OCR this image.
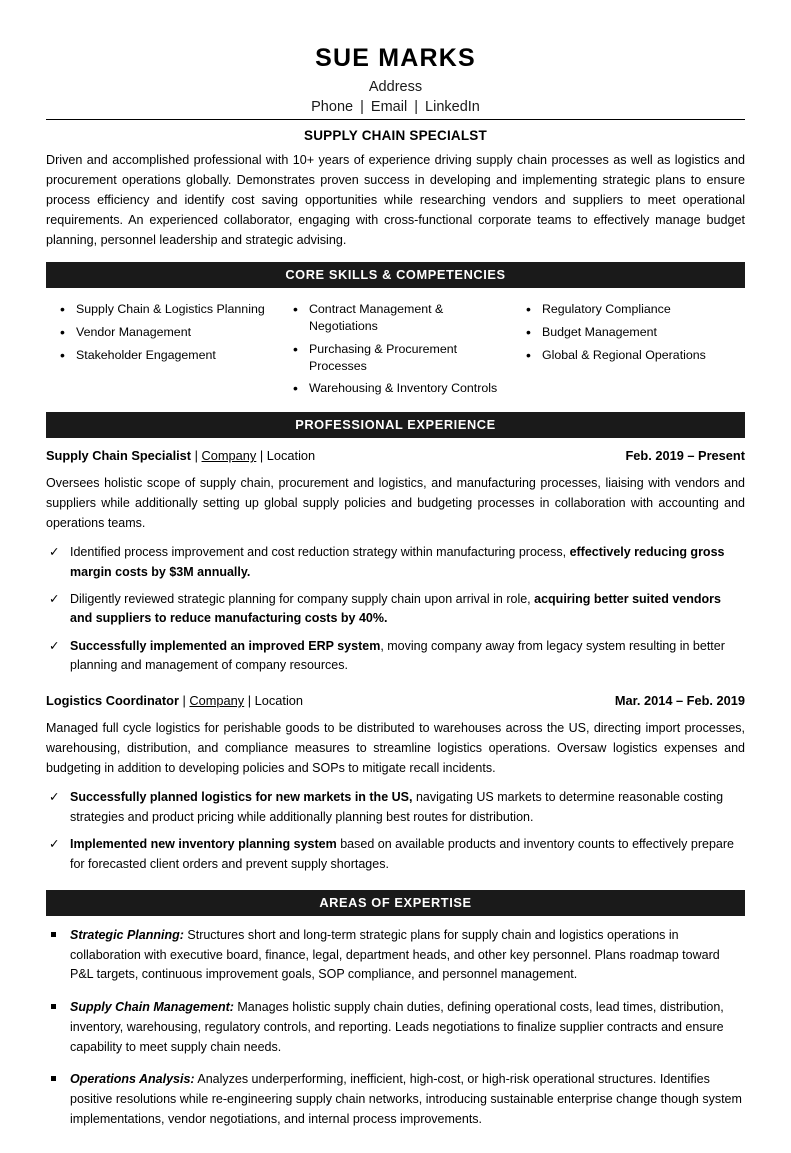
SUE MARKS
Address
Phone | Email | LinkedIn
SUPPLY CHAIN SPECIALST
Driven and accomplished professional with 10+ years of experience driving supply chain processes as well as logistics and procurement operations globally. Demonstrates proven success in developing and implementing strategic plans to ensure process efficiency and identify cost saving opportunities while researching vendors and suppliers to meet operational requirements. An experienced collaborator, engaging with cross-functional corporate teams to effectively manage budget planning, personnel leadership and strategic advising.
CORE SKILLS & COMPETENCIES
• Supply Chain & Logistics Planning
• Vendor Management
• Stakeholder Engagement
• Contract Management & Negotiations
• Purchasing & Procurement Processes
• Warehousing & Inventory Controls
• Regulatory Compliance
• Budget Management
• Global & Regional Operations
PROFESSIONAL EXPERIENCE
Supply Chain Specialist | Company | Location	Feb. 2019 – Present
Oversees holistic scope of supply chain, procurement and logistics, and manufacturing processes, liaising with vendors and suppliers while additionally setting up global supply policies and budgeting processes in collaboration with accounting and operations teams.
✓ Identified process improvement and cost reduction strategy within manufacturing process, effectively reducing gross margin costs by $3M annually.
✓ Diligently reviewed strategic planning for company supply chain upon arrival in role, acquiring better suited vendors and suppliers to reduce manufacturing costs by 40%.
✓ Successfully implemented an improved ERP system, moving company away from legacy system resulting in better planning and management of company resources.
Logistics Coordinator | Company | Location	Mar. 2014 – Feb. 2019
Managed full cycle logistics for perishable goods to be distributed to warehouses across the US, directing import processes, warehousing, distribution, and compliance measures to streamline logistics operations. Oversaw logistics expenses and budgeting in addition to developing policies and SOPs to mitigate recall incidents.
✓ Successfully planned logistics for new markets in the US, navigating US markets to determine reasonable costing strategies and product pricing while additionally planning best routes for distribution.
✓ Implemented new inventory planning system based on available products and inventory counts to effectively prepare for forecasted client orders and prevent supply shortages.
AREAS OF EXPERTISE
Strategic Planning: Structures short and long-term strategic plans for supply chain and logistics operations in collaboration with executive board, finance, legal, department heads, and other key personnel. Plans roadmap toward P&L targets, continuous improvement goals, SOP compliance, and personnel management.
Supply Chain Management: Manages holistic supply chain duties, defining operational costs, lead times, distribution, inventory, warehousing, regulatory controls, and reporting. Leads negotiations to finalize supplier contracts and ensure capability to meet supply chain needs.
Operations Analysis: Analyzes underperforming, inefficient, high-cost, or high-risk operational structures. Identifies positive resolutions while re-engineering supply chain networks, introducing sustainable enterprise change though system implementations, vendor negotiations, and internal process improvements.
